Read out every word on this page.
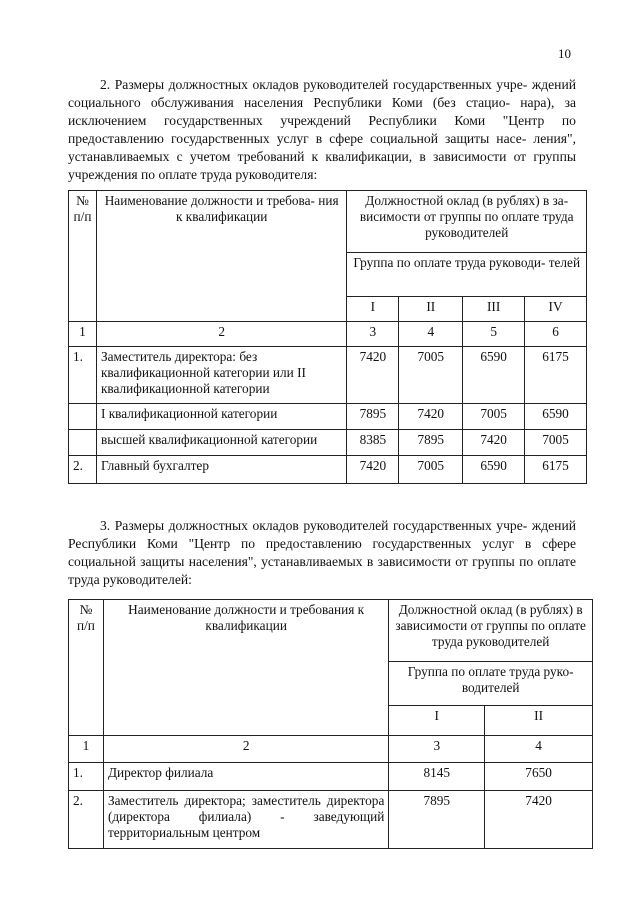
10

2. Размеры должностных окладов руководителей государственных учре- ждений социального обслуживания населения Республики Коми (без стацио- нара), за исключением государственных учреждений Республики Коми "Центр по предоставлению государственных услуг в сфере социальной защиты насе- ления", устанавливаемых с учетом требований к квалификации, в зависимости от группы учреждения по оплате труда руководителя:

№ п/п	Наименование должности и требова- ния к квалификации	Должностной оклад (в рублях) в за- висимости от группы по оплате труда руководителей			
		Группа по оплате труда руководи- телей			
		I	II	III	IV
1	2	3	4	5	6
1.	Заместитель директора: без квалификационной категории или II квалификационной категории	7420	7005	6590	6175
	I квалификационной категории	7895	7420	7005	6590
	высшей квалификационной категории	8385	7895	7420	7005
2.	Главный бухгалтер	7420	7005	6590	6175

3. Размеры должностных окладов руководителей государственных учре- ждений Республики Коми "Центр по предоставлению государственных услуг в сфере социальной защиты населения", устанавливаемых в зависимости от группы по оплате труда руководителей:

№ п/п	Наименование должности и требования к квалификации	Должностной оклад (в рублях) в зависимости от группы по оплате труда руководителей	
		Группа по оплате труда руко- водителей	
		I	II
1	2	3	4
1.	Директор филиала	8145	7650
2.	Заместитель директора; заместитель директора (директора филиала) - заведующий территориальным центром	7895	7420
